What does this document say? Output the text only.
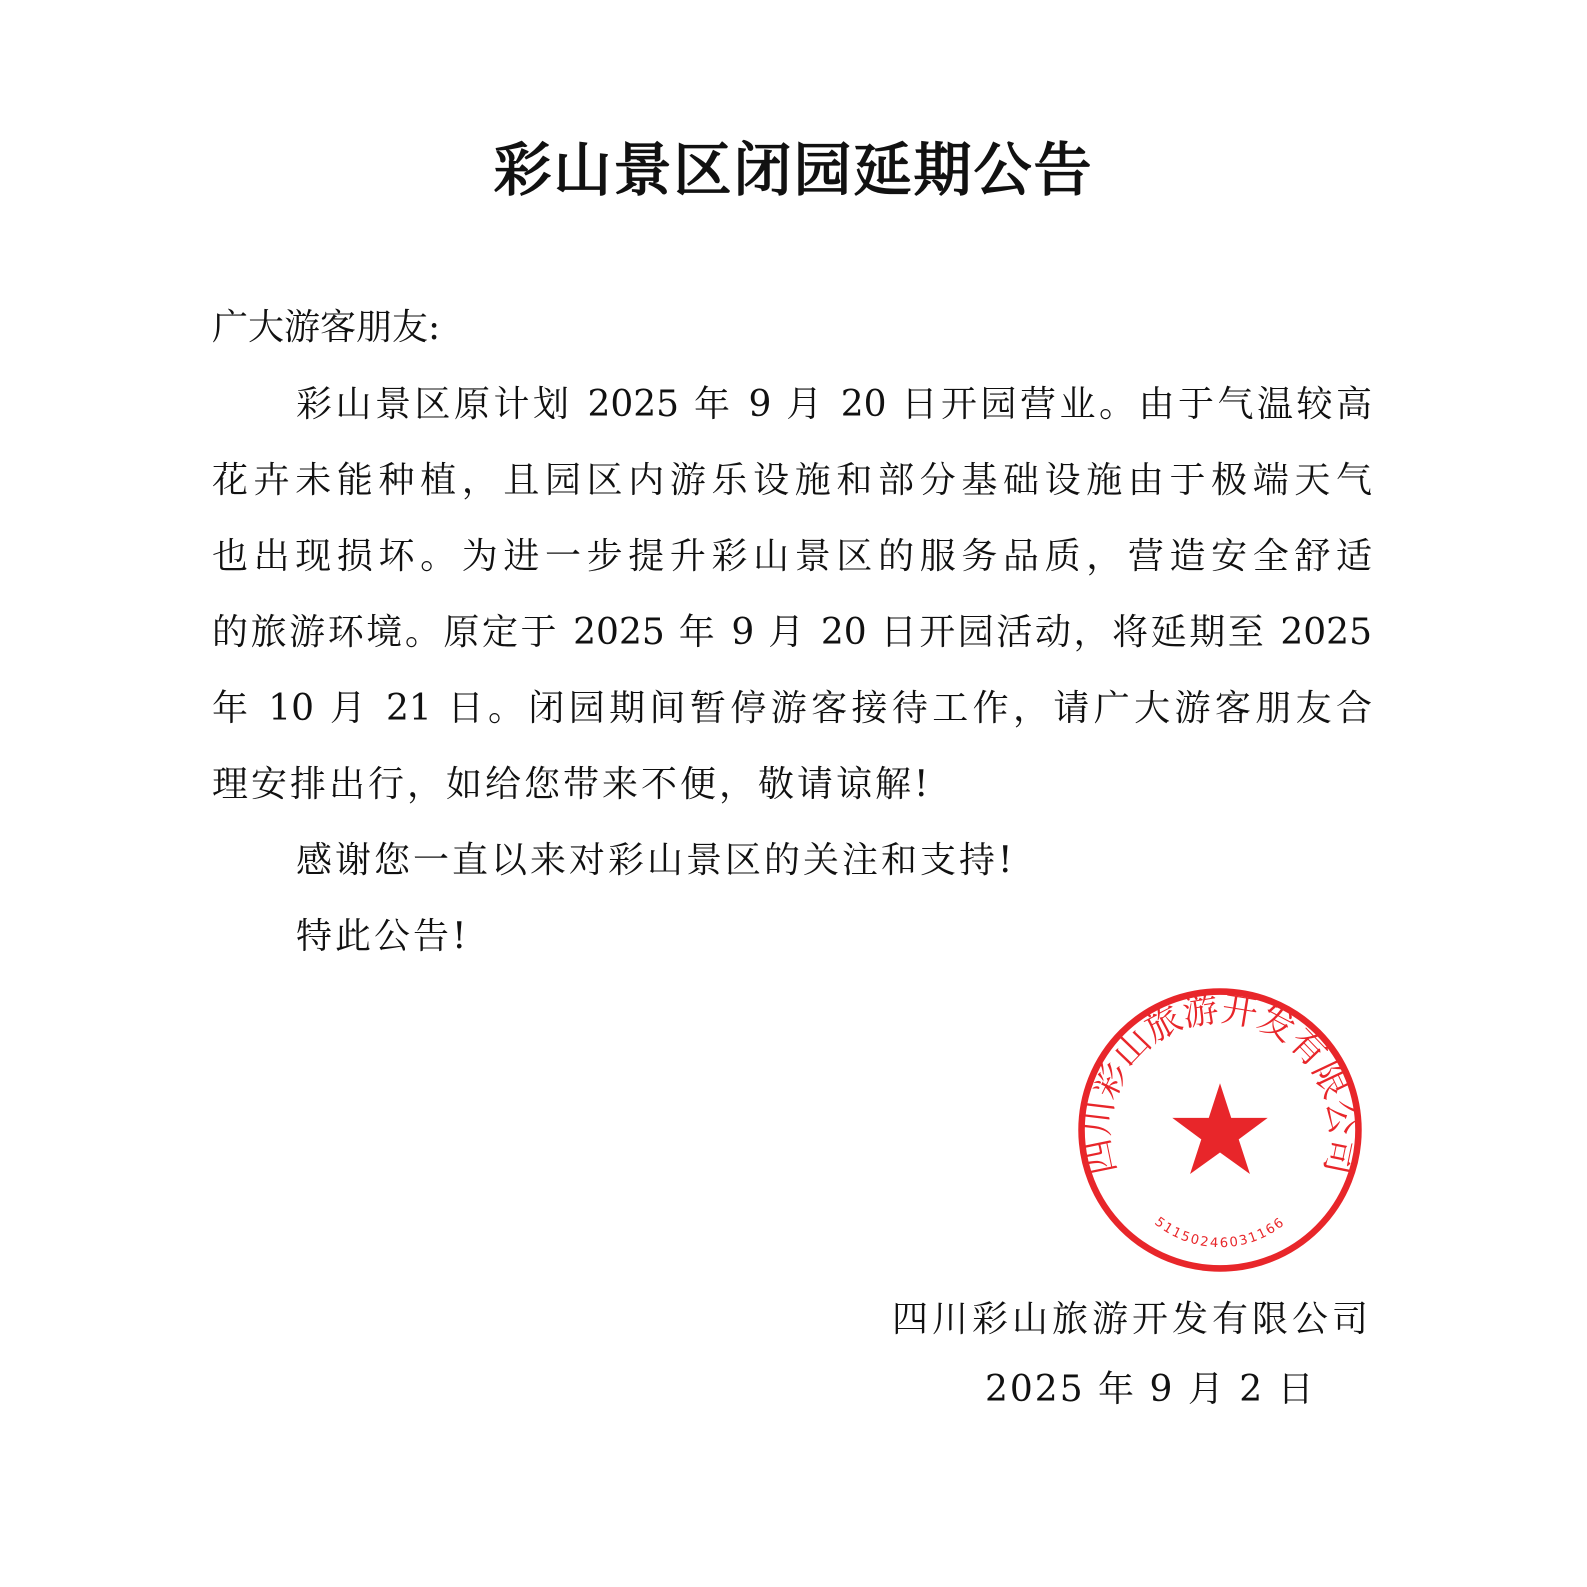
彩山景区闭园延期公告
广大游客朋友:
彩山景区原计划 2025 年 9 月 20 日开园营业。由于气温较高
花卉未能种植，且园区内游乐设施和部分基础设施由于极端天气
也出现损坏。为进一步提升彩山景区的服务品质，营造安全舒适
的旅游环境。原定于 2025 年 9 月 20 日开园活动，将延期至 2025
年 10 月 21 日。闭园期间暂停游客接待工作，请广大游客朋友合
理安排出行，如给您带来不便，敬请谅解!
感谢您一直以来对彩山景区的关注和支持!
特此公告!
四川彩山旅游开发有限公司
51150246031166
四川彩山旅游开发有限公司
2025 年 9 月 2 日
